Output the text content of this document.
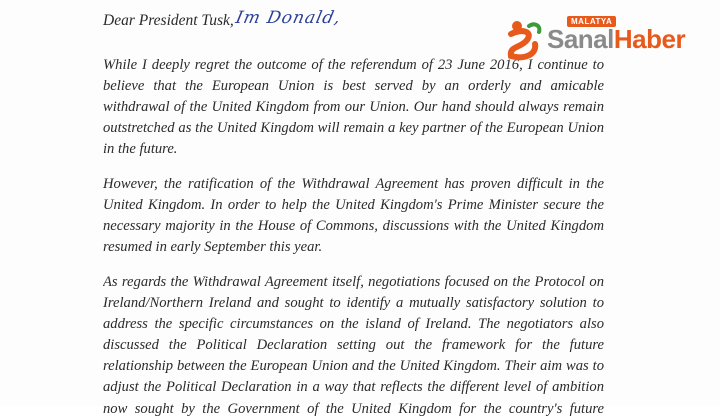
Dear President Tusk, Im Donald,
While I deeply regret the outcome of the referendum of 23 June 2016, I continue to
believe that the European Union is best served by an orderly and amicable
withdrawal of the United Kingdom from our Union. Our hand should always remain
outstretched as the United Kingdom will remain a key partner of the European Union
in the future.
However, the ratification of the Withdrawal Agreement has proven difficult in the
United Kingdom. In order to help the United Kingdom's Prime Minister secure the
necessary majority in the House of Commons, discussions with the United Kingdom
resumed in early September this year.
As regards the Withdrawal Agreement itself, negotiations focused on the Protocol on
Ireland/Northern Ireland and sought to identify a mutually satisfactory solution to
address the specific circumstances on the island of Ireland. The negotiators also
discussed the Political Declaration setting out the framework for the future
relationship between the European Union and the United Kingdom. Their aim was to
adjust the Political Declaration in a way that reflects the different level of ambition
now sought by the Government of the United Kingdom for the country's future
MALATYA
SanalHaber
